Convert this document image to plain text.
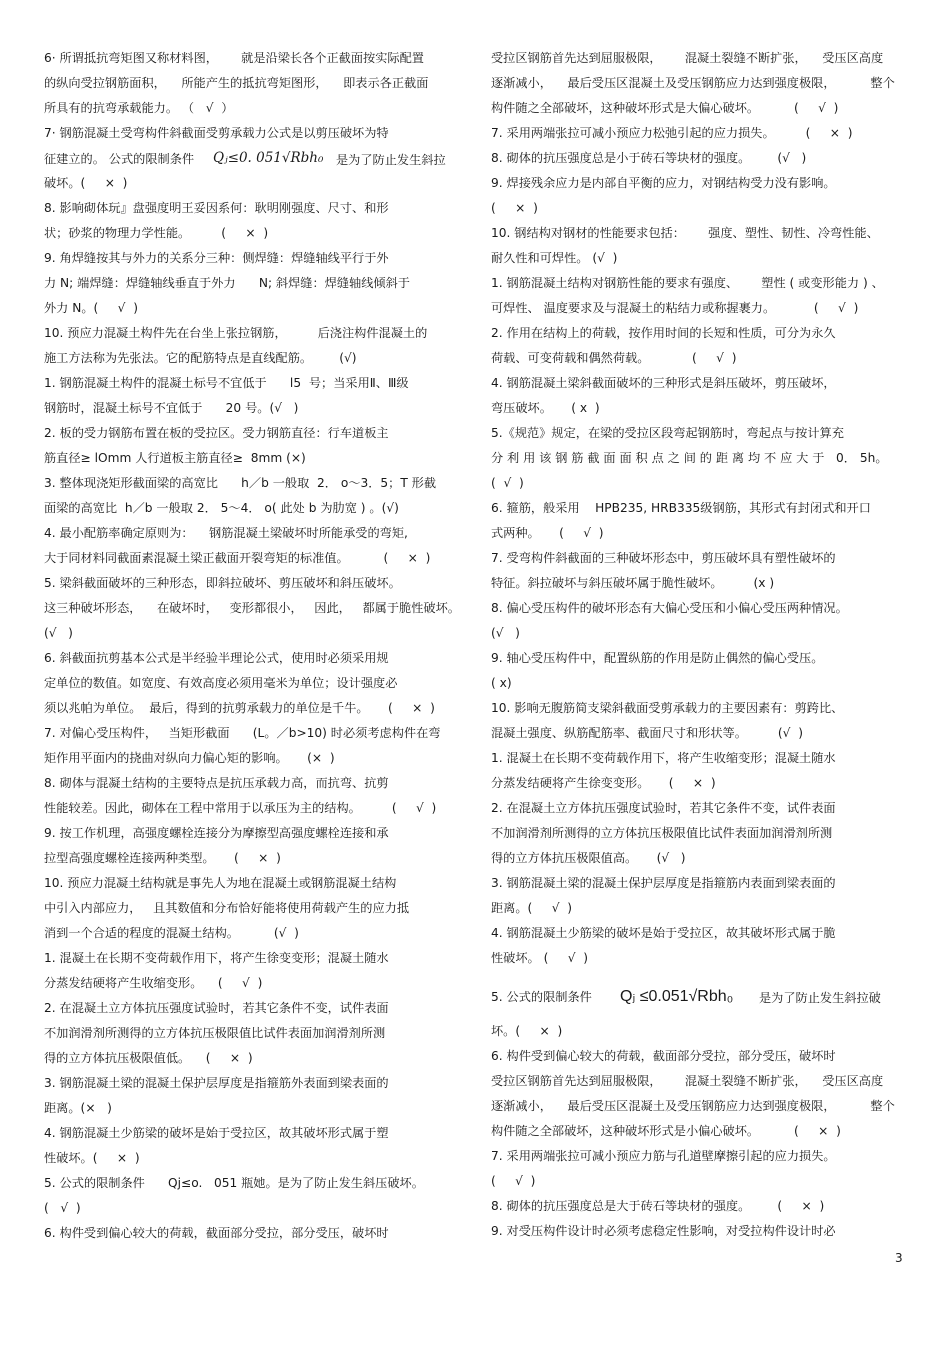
6· 所谓抵抗弯矩图又称材料图，      就是沿梁长各个正截面按实际配置
的纵向受拉钢筋面积，    所能产生的抵抗弯矩图形，    即表示各正截面
所具有的抗弯承载能力。 （   √  ）
7· 钢筋混凝土受弯构件斜截面受剪承载力公式是以剪压破坏为特
征建立的。 公式的限制条件
破坏。(     ×  )
8. 影响砌体玩』盘强度明王妥因系何：耿明刚强度、尺寸、和形
状；砂浆的物理力学性能。        (     ×  )
9. 角焊缝按其与外力的关系分三种：侧焊缝：焊缝轴线平行于外
力 N; 端焊缝：焊缝轴线垂直于外力      N; 斜焊缝：焊缝轴线倾斜于
外力 N。(     √  )
10. 预应力混凝土构件先在台坐上张拉钢筋，        后浇注构件混凝土的
施工方法称为先张法。它的配筋特点是直线配筋。       (√)
1. 钢筋混凝土构件的混凝土标号不宜低于      l5  号；当采用Ⅱ、Ⅲ级
钢筋时，混凝土标号不宜低于      20 号。(√   )
2. 板的受力钢筋布置在板的受拉区。受力钢筋直径：行车道板主
筋直径≥ lOmm 人行道板主筋直径≥  8mm (×)
3. 整体现浇矩形截面梁的高宽比      h／b 一般取  2． o～3．5；T 形截
面梁的高宽比  h／b 一般取 2． 5～4． o( 此处 b 为肋宽 ) 。(√)
4. 最小配筋率确定原则为：    钢筋混凝土梁破坏时所能承受的弯矩,
大于同材料同截面素混凝土梁正截面开裂弯矩的标准值。         (     ×  )
5. 梁斜截面破坏的三种形态，即斜拉破坏、剪压破坏和斜压破坏。
这三种破坏形态，    在破坏时，   变形都很小，   因此，   都属于脆性破坏。
(√   )
6. 斜截面抗剪基本公式是半经验半理论公式，使用时必须采用规
定单位的数值。如宽度、有效高度必须用毫米为单位；设计强度必
须以兆帕为单位。  最后，得到的抗剪承载力的单位是千牛。     (     ×  )
7. 对偏心受压构件，   当矩形截面      (L。／b>10) 时必须考虑构件在弯
矩作用平面内的挠曲对纵向力偏心矩的影响。     (×  )
8. 砌体与混凝土结构的主要特点是抗压承载力高，而抗弯、抗剪
性能较差。因此，砌体在工程中常用于以承压为主的结构。        (     √  )
9. 按工作机理，高强度螺栓连接分为摩擦型高强度螺栓连接和承
拉型高强度螺栓连接两种类型。     (     ×  )
10. 预应力混凝土结构就是事先人为地在混凝土或钢筋混凝土结构
中引入内部应力，   且其数值和分布恰好能将使用荷载产生的应力抵
消到一个合适的程度的混凝土结构。         (√  )
1. 混凝土在长期不变荷载作用下，将产生徐变变形；混凝土随水
分蒸发结硬将产生收缩变形。    (     √  )
2. 在混凝土立方体抗压强度试验时，若其它条件不变，试件表面
不加润滑剂所测得的立方体抗压极限值比试件表面加润滑剂所测
得的立方体抗压极限值低。    (     ×  )
3. 钢筋混凝土梁的混凝土保护层厚度是指箍筋外表面到梁表面的
距离。(×   )
4. 钢筋混凝土少筋梁的破坏是始于受拉区，故其破坏形式属于塑
性破坏。(     ×  )
5. 公式的限制条件      Qj≤o.   051 瓶她。是为了防止发生斜压破坏。
(   √  )
6. 构件受到偏心较大的荷载，截面部分受拉，部分受压，破坏时
受拉区钢筋首先达到屈服极限，      混凝土裂缝不断扩张，    受压区高度
逐渐减小，    最后受压区混凝土及受压钢筋应力达到强度极限，         整个
构件随之全部破坏，这种破坏形式是大偏心破坏。         (     √  )
7. 采用两端张拉可减小预应力松弛引起的应力损失。        (     ×  )
8. 砌体的抗压强度总是小于砖石等块材的强度。       (√   )
9. 焊接残余应力是内部自平衡的应力，对钢结构受力没有影响。
(     ×  )
10. 钢结构对钢材的性能要求包括：      强度、塑性、韧性、冷弯性能、
耐久性和可焊性。 (√  )
1. 钢筋混凝土结构对钢筋性能的要求有强度、      塑性 ( 或变形能力 ) 、
可焊性、 温度要求及与混凝土的粘结力或称握裹力。          (     √  )
2. 作用在结构上的荷载，按作用时间的长短和性质，可分为永久
荷载、可变荷载和偶然荷载。           (     √  )
4. 钢筋混凝土梁斜截面破坏的三种形式是斜压破坏，剪压破坏，
弯压破坏。     ( x  )
5.《规范》规定，在梁的受拉区段弯起钢筋时，弯起点与按计算充
分 利 用 该 钢 筋 截 面 面 积 点 之 间 的 距 离 均 不 应 大 于   0． 5h。
(  √  )
6. 箍筋，般采用    HPB235, HRB335级钢筋，其形式有封闭式和开口
式两种。     (     √  )
7. 受弯构件斜截面的三种破坏形态中，剪压破坏具有塑性破坏的
特征。斜拉破坏与斜压破坏属于脆性破坏。        (x )
8. 偏心受压构件的破坏形态有大偏心受压和小偏心受压两种情况。
(√   )
9. 轴心受压构件中，配置纵筋的作用是防止偶然的偏心受压。
( x)
10. 影响无腹筋简支梁斜截面受剪承载力的主要因素有：剪跨比、
混凝土强度、纵筋配筋率、截面尺寸和形状等。        (√  )
1. 混凝土在长期不变荷载作用下，将产生收缩变形；混凝土随水
分蒸发结硬将产生徐变变形。     (     ×  )
2. 在混凝土立方体抗压强度试验时，若其它条件不变，试件表面
不加润滑剂所测得的立方体抗压极限值比试件表面加润滑剂所测
得的立方体抗压极限值高。     (√   )
3. 钢筋混凝土梁的混凝土保护层厚度是指箍筋内表面到梁表面的
距离。(     √  )
4. 钢筋混凝土少筋梁的破坏是始于受拉区，故其破坏形式属于脆
性破坏。 (     √  )
5. 公式的限制条件
坏。(     ×  )
6. 构件受到偏心较大的荷载，截面部分受拉，部分受压，破坏时
受拉区钢筋首先达到屈服极限，      混凝土裂缝不断扩张，    受压区高度
逐渐减小，    最后受压区混凝土及受压钢筋应力达到强度极限，         整个
构件随之全部破坏，这种破坏形式是小偏心破坏。         (     ×  )
7. 采用两端张拉可减小预应力筋与孔道壁摩擦引起的应力损失。
(     √  )
8. 砌体的抗压强度总是大于砖石等块材的强度。       (     ×  )
9. 对受压构件设计时必须考虑稳定性影响，对受拉构件设计时必
Qⱼ≤0. 051√Rbh₀ 是为了防止发生斜拉
Qⱼ ≤0.051√Rbh₀ 是为了防止发生斜拉破
3
